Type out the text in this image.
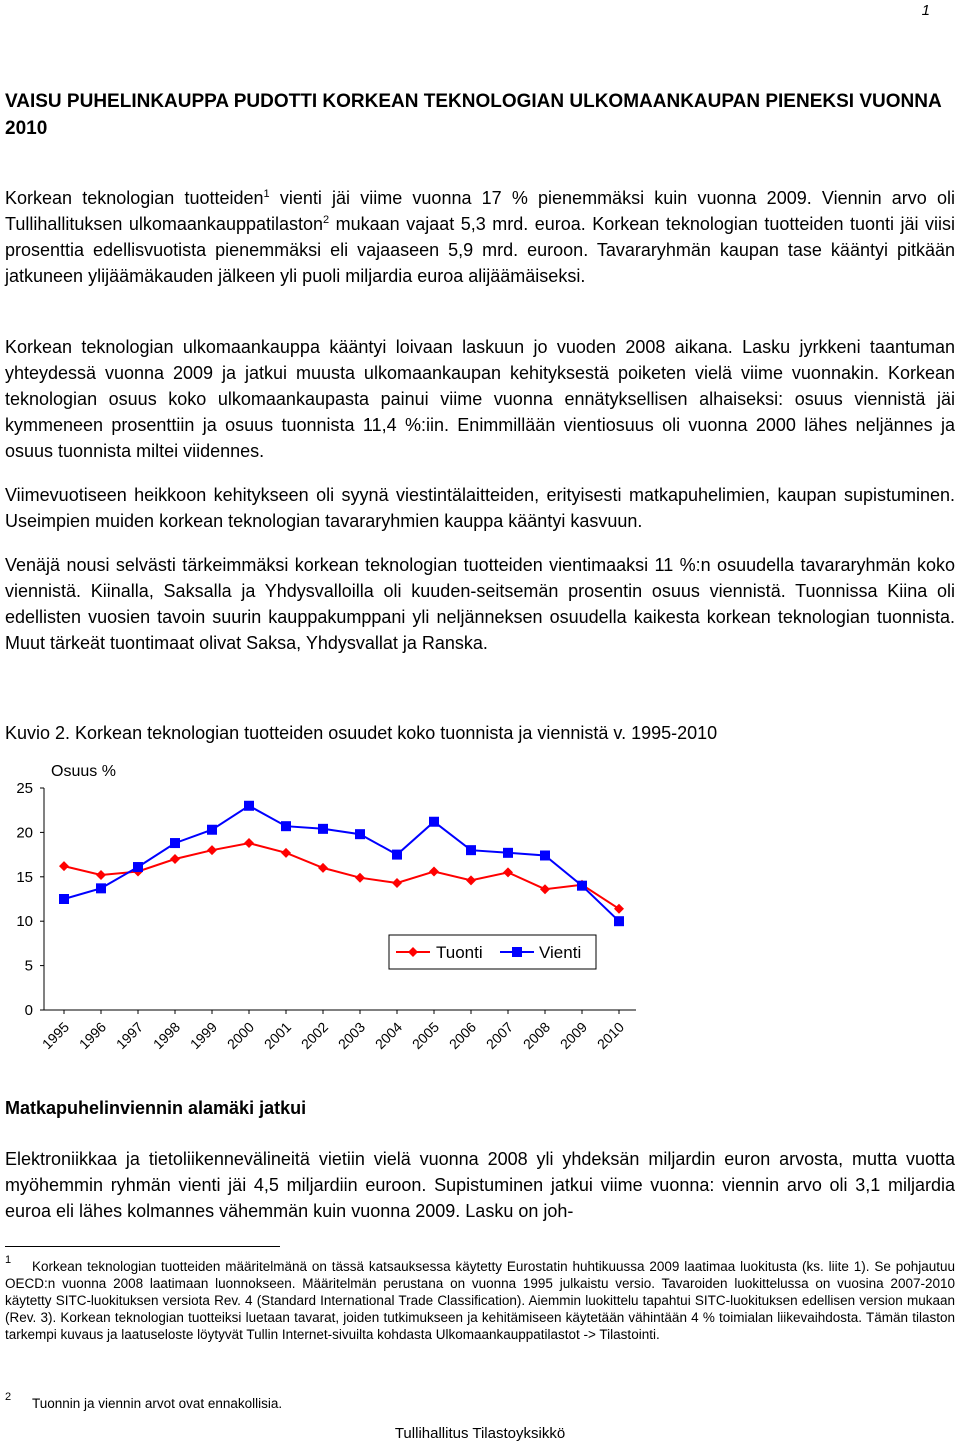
1
VAISU PUHELINKAUPPA PUDOTTI KORKEAN TEKNOLOGIAN ULKOMAANKAUPAN PIENEKSI VUONNA 2010

Korkean teknologian tuotteiden$^1$ vienti jäi viime vuonna 17 % pienemmäksi kuin vuonna 2009. Viennin arvo oli Tullihallituksen ulkomaankauppatilaston$^2$ mukaan vajaat 5,3 mrd. euroa. Korkean teknologian tuotteiden tuonti jäi viisi prosenttia edellisvuotista pienemmäksi eli vajaaseen 5,9 mrd. euroon. Tavararyhmän kaupan tase kääntyi pitkään jatkuneen ylijäämäkauden jälkeen yli puoli miljardia euroa alijäämäiseksi.

Korkean teknologian ulkomaankauppa kääntyi loivaan laskuun jo vuoden 2008 aikana. Lasku jyrkkeni taantuman yhteydessä vuonna 2009 ja jatkui muusta ulkomaankaupan kehityksestä poiketen vielä viime vuonnakin. Korkean teknologian osuus koko ulkomaankaupasta painui viime vuonna ennätyksellisen alhaiseksi: osuus viennistä jäi kymmeneen prosenttiin ja osuus tuonnista 11,4 %:iin. Enimmillään vientiosuus oli vuonna 2000 lähes neljännes ja osuus tuonnista miltei viidennes.

Viimevuotiseen heikkoon kehitykseen oli syynä viestintälaitteiden, erityisesti matkapuhelimien, kaupan supistuminen. Useimpien muiden korkean teknologian tavararyhmien kauppa kääntyi kasvuun.

Venäjä nousi selvästi tärkeimmäksi korkean teknologian tuotteiden vientimaaksi 11 %:n osuudella tavararyhmän koko viennistä. Kiinalla, Saksalla ja Yhdysvalloilla oli kuuden-seitsemän prosentin osuus viennistä. Tuonnissa Kiina oli edellisten vuosien tavoin suurin kauppakumppani yli neljänneksen osuudella kaikesta korkean teknologian tuonnista. Muut tärkeät tuontimaat olivat Saksa, Yhdysvallat ja Ranska.

Kuvio 2. Korkean teknologian tuotteiden osuudet koko tuonnista ja viennistä v. 1995-2010

Osuus %
0
5
10
15
20
25
1995 1996 1997 1998 1999 2000 2001 2002 2003 2004 2005 2006 2007 2008 2009 2010
Tuonti	Vienti
Matkapuhelinviennin alamäki jatkui

Elektroniikkaa ja tietoliikennevälineitä vietiin vielä vuonna 2008 yli yhdeksän miljardin euron arvosta, mutta vuotta myöhemmin ryhmän vienti jäi 4,5 miljardiin euroon. Supistuminen jatkui viime vuonna: viennin arvo oli 3,1 miljardia euroa eli lähes kolmannes vähemmän kuin vuonna 2009. Lasku on joh-

1	Korkean teknologian tuotteiden määritelmänä on tässä katsauksessa käytetty Eurostatin huhtikuussa 2009 laatimaa luokitusta (ks. liite 1). Se pohjautuu OECD:n vuonna 2008 laatimaan luonnokseen. Määritelmän perustana on vuonna 1995 julkaistu versio. Tavaroiden luokittelussa on vuosina 2007-2010 käytetty SITC-luokituksen versiota Rev. 4 (Standard International Trade Classification). Aiemmin luokittelu tapahtui SITC-luokituksen edellisen version mukaan (Rev. 3). Korkean teknologian tuotteiksi luetaan tavarat, joiden tutkimukseen ja kehitämiseen käytetään vähintään 4 % toimialan liikevaihdosta. Tämän tilaston tarkempi kuvaus ja laatuseloste löytyvät Tullin Internet-sivuilta kohdasta Ulkomaankauppatilastot -> Tilastointi.

2	Tuonnin ja viennin arvot ovat ennakollisia.

Tullihallitus Tilastoyksikkö
